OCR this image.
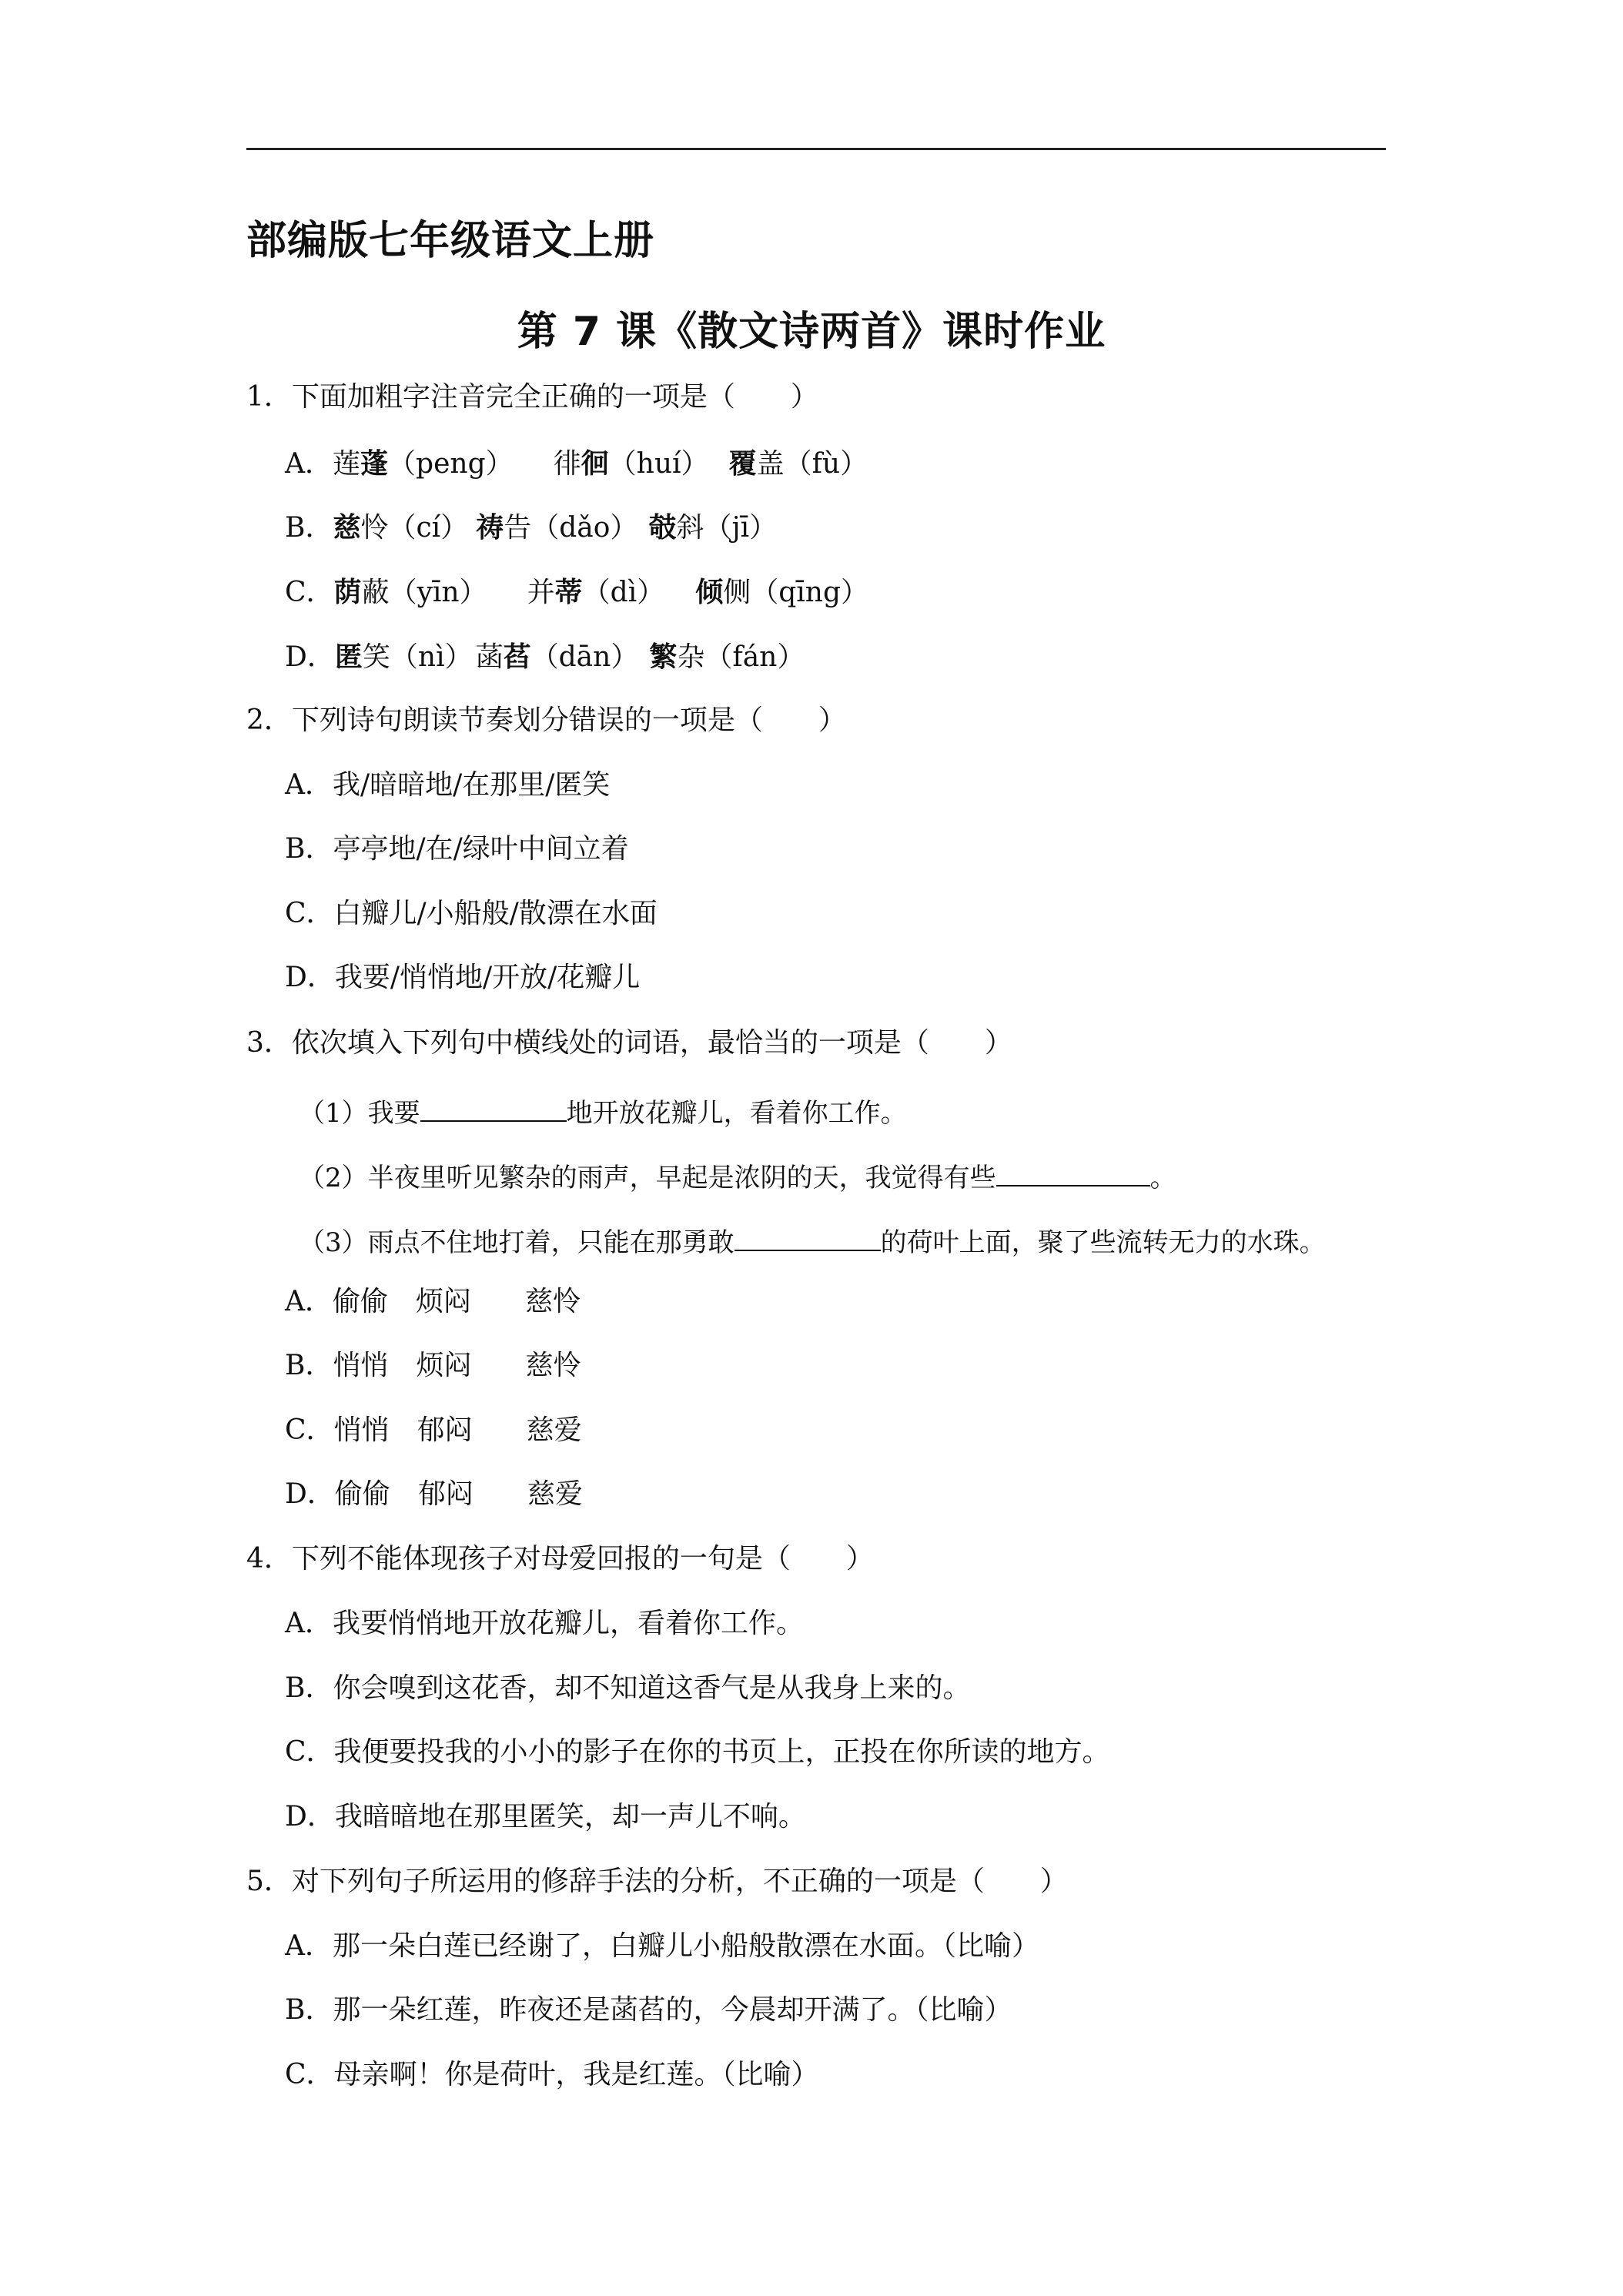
部编版七年级语文上册
第 7 课《散文诗两首》课时作业
1．下面加粗字注音完全正确的一项是（　　）
A．莲蓬（peng） 徘徊（huí） 覆盖（fù）
B．慈怜（cí） 祷告（dǎo） 攲斜（jī）
C．荫蔽（yīn） 并蒂（dì） 倾侧（qīng）
D．匿笑（nì） 菡萏（dān） 繁杂（fán）
2．下列诗句朗读节奏划分错误的一项是（　　）
A．我/暗暗地/在那里/匿笑
B．亭亭地/在/绿叶中间立着
C．白瓣儿/小船般/散漂在水面
D．我要/悄悄地/开放/花瓣儿
3．依次填入下列句中横线处的词语，最恰当的一项是（　　）
（1）我要	地开放花瓣儿，看着你工作。
（2）半夜里听见繁杂的雨声，早起是浓阴的天，我觉得有些	。
（3）雨点不住地打着，只能在那勇敢	的荷叶上面，聚了些流转无力的水珠。
A．偷偷 烦闷 慈怜
B．悄悄 烦闷 慈怜
C．悄悄 郁闷 慈爱
D．偷偷 郁闷 慈爱
4．下列不能体现孩子对母爱回报的一句是（　　）
A．我要悄悄地开放花瓣儿，看着你工作。
B．你会嗅到这花香，却不知道这香气是从我身上来的。
C．我便要投我的小小的影子在你的书页上，正投在你所读的地方。
D．我暗暗地在那里匿笑，却一声儿不响。
5．对下列句子所运用的修辞手法的分析，不正确的一项是（　　）
A．那一朵白莲已经谢了，白瓣儿小船般散漂在水面。（比喻）
B．那一朵红莲，昨夜还是菡萏的，今晨却开满了。（比喻）
C．母亲啊！你是荷叶，我是红莲。（比喻）
